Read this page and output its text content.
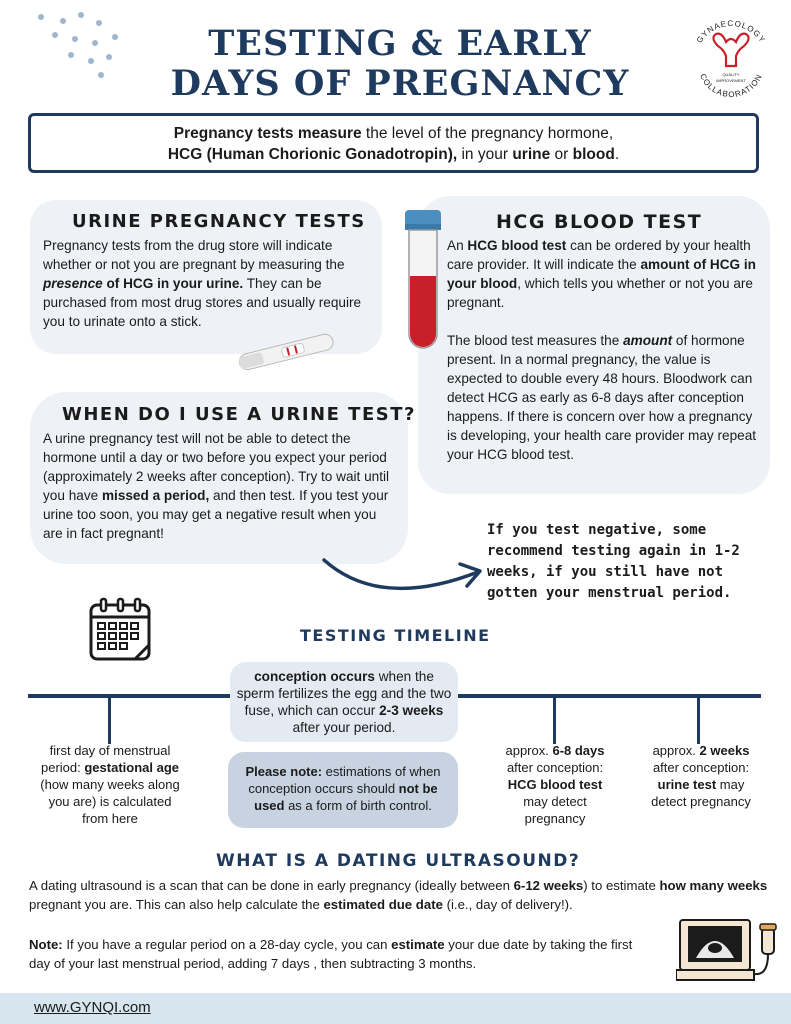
TESTING & EARLY
DAYS OF PREGNANCY
GYNAECOLOGY
COLLABORATION
QUALITY
IMPROVEMENT
Pregnancy tests measure the level of the pregnancy hormone,
HCG (Human Chorionic Gonadotropin), in your urine or blood.
URINE PREGNANCY TESTS
Pregnancy tests from the drug store will indicate whether or not you are pregnant by measuring the presence of HCG in your urine. They can be purchased from most drug stores and usually require you to urinate onto a stick.
HCG BLOOD TEST
An HCG blood test can be ordered by your health care provider. It will indicate the amount of HCG in your blood, which tells you whether or not you are pregnant.
The blood test measures the amount of hormone present. In a normal pregnancy, the value is expected to double every 48 hours. Bloodwork can detect HCG as early as 6-8 days after conception happens. If there is concern over how a pregnancy is developing, your health care provider may repeat your HCG blood test.
WHEN DO I USE A URINE TEST?
A urine pregnancy test will not be able to detect the hormone until a day or two before you expect your period (approximately 2 weeks after conception). Try to wait until you have missed a period, and then test. If you test your urine too soon, you may get a negative result when you are in fact pregnant!	If you test negative, some recommend testing again in 1-2 weeks, if you still have not gotten your menstrual period.
TESTING TIMELINE
conception occurs when the sperm fertilizes the egg and the two fuse, which can occur 2-3 weeks after your period.
Please note: estimations of when conception occurs should not be used as a form of birth control.
first day of menstrual period: gestational age (how many weeks along you are) is calculated from here
approx. 6-8 days after conception: HCG blood test may detect pregnancy
approx. 2 weeks after conception: urine test may detect pregnancy
WHAT IS A DATING ULTRASOUND?
A dating ultrasound is a scan that can be done in early pregnancy (ideally between 6-12 weeks) to estimate how many weeks pregnant you are. This can also help calculate the estimated due date (i.e., day of delivery!).
Note: If you have a regular period on a 28-day cycle, you can estimate your due date by taking the first day of your last menstrual period, adding 7 days , then subtracting 3 months.
www.GYNQI.com
